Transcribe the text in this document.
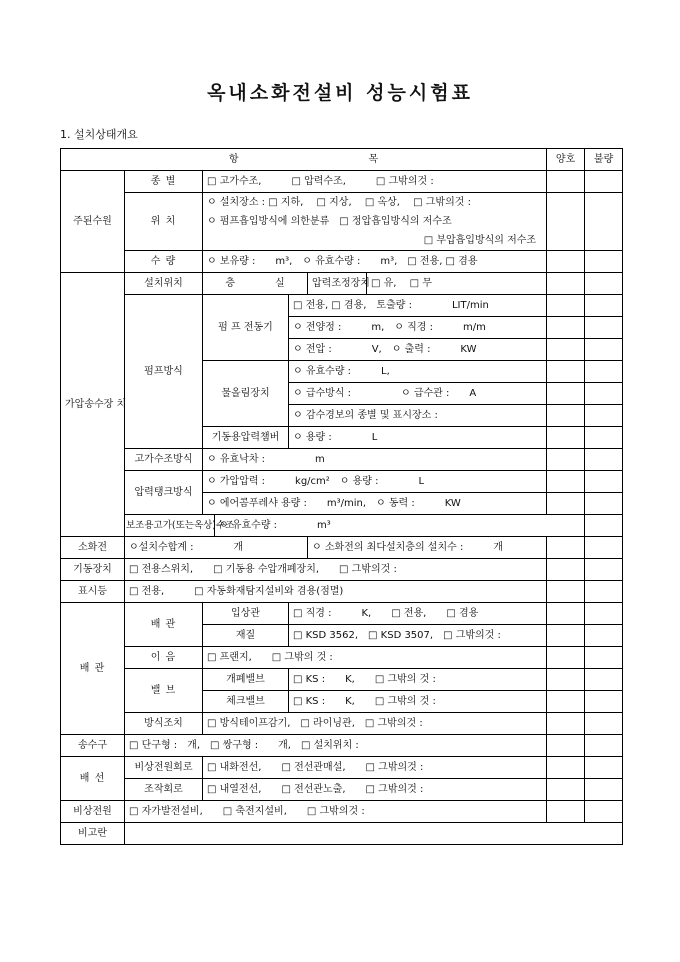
옥내소화전설비 성능시험표
1. 설치상태개요
항 목							양호	불량	
주된수원	종 별	□ 고가수조,　　　□ 압력수조,　　　□ 그밖의것 :							
	위 치	ㅇ 설치장소 : □ 지하,　 □ 지상,　 □ 옥상,　 □ 그밖의것 :
ㅇ 펌프흡입방식에 의한분류　□ 정압흡입방식의 저수조
□ 부압흡입방식의 저수조							

	수 량	ㅇ 보유량 :　　m³,　ㅇ 유효수량 :　　m³,　□ 전용, □ 겸용							
가압송수장 치	설치위치	층　　　　실			압력조정장치	□ 유,　 □ 무			
	펌프방식	펌 프 전동기		□ 전용, □ 겸용,　토출량 :　　　　LIT/min					
				ㅇ 전양정 :　　　m,　ㅇ 직경 :　　　m/m					
				ㅇ 전압 :　　　　V,　ㅇ 출력 :　　　KW					
		물올림장치		ㅇ 유효수량 :　　　L,					
				ㅇ 급수방식 :　　　　　ㅇ 급수관 :　　A					
				ㅇ 감수경보의 종별 및 표시장소 :					
		기동용압력챔버		ㅇ 용량 :　　　　L					
	고가수조방식	ㅇ 유효낙차 :　　　　　m							
	압력탱크방식	ㅇ 가압압력 :　　　kg/cm²　ㅇ 용량 :　　　　L							
		ㅇ 에어콤푸레샤 용량 :　　m³/min,　ㅇ 동력 :　　　KW							
	보조용고가(또는옥상)수조		ㅇ 유효수량 :　　　　m³						
소화전	ㅇ설치수합계 :　　　　개				ㅇ 소화전의 최다설치층의 설치수 :　　　개				
기동장치	□ 전용스위치,　　□ 기동용 수압개폐장치,　　□ 그밖의것 :								
표시등	□ 전용,　　　□ 자동화재탐지설비와 겸용(점멸)								
배 관	배 관	입상관		□ 직경 :　　　K,　　□ 전용,　　□ 겸용					
		재질		□ KSD 3562,　□ KSD 3507,　□ 그밖의것 :					
	이 음	□ 프랜지,　　□ 그밖의 것 :							
	밸 브	개폐밸브		□ KS :　　K,　　□ 그밖의 것 :					
		체크밸브		□ KS :　　K,　　□ 그밖의 것 :					
	방식조치	□ 방식테이프감기,　□ 라이닝관,　□ 그밖의것 :							
송수구	□ 단구형 :　개,　□ 쌍구형 :　　개,　□ 설치위치 :								
배 선	비상전원회로	□ 내화전선,　　□ 전선관매설,　　□ 그밖의것 :							
	조작회로	□ 내열전선,　　□ 전선관노출,　　□ 그밖의것 :							
비상전원	□ 자가발전설비,　　□ 축전지설비,　　□ 그밖의것 :								
비고란									
